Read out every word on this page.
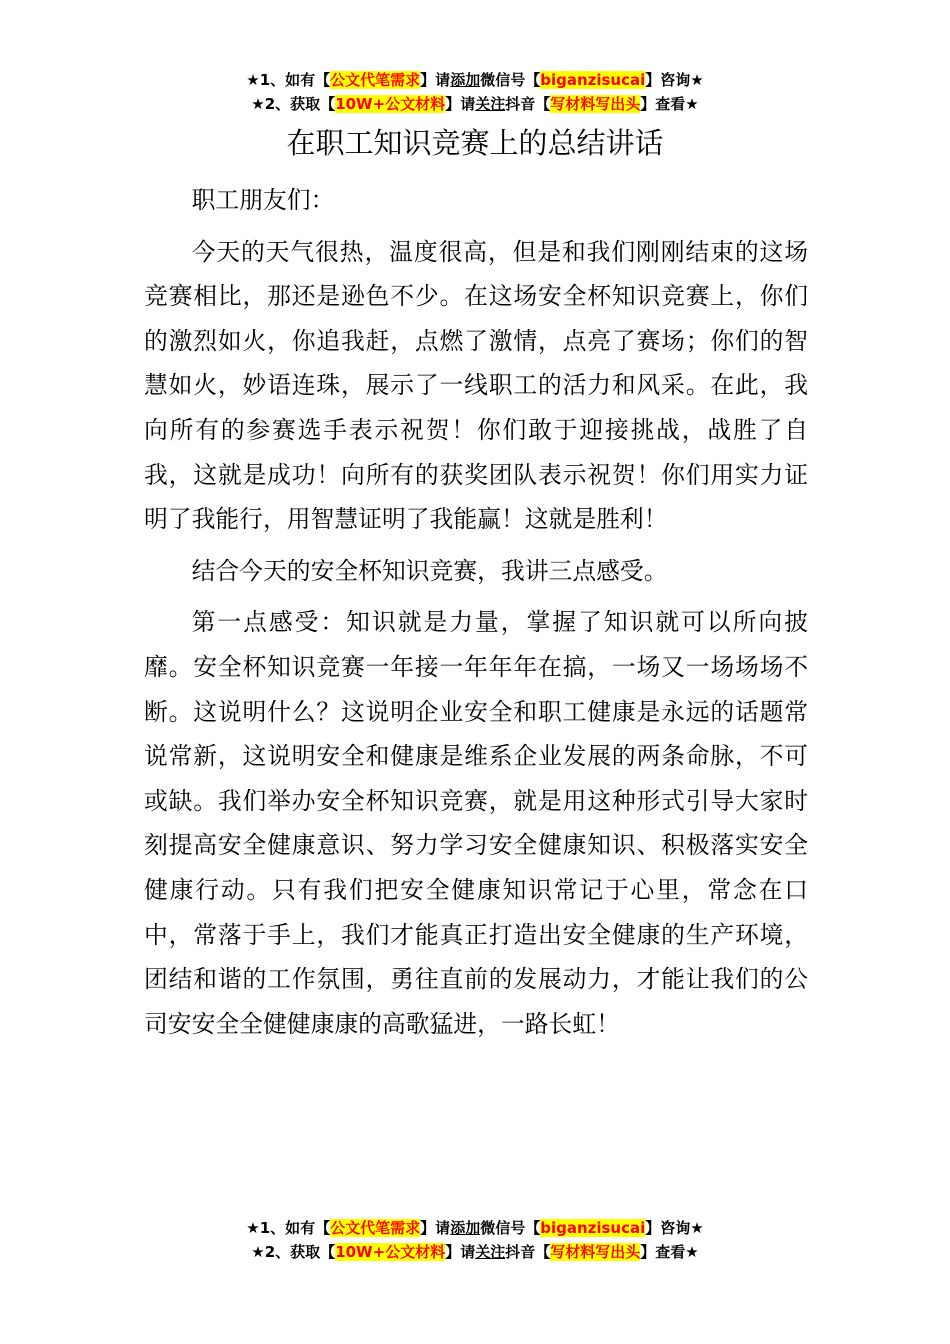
★1、如有【公文代笔需求】请添加微信号【biganzisucai】咨询★
★2、获取【10W+公文材料】请关注抖音【写材料写出头】查看★
在职工知识竞赛上的总结讲话

职工朋友们：

今天的天气很热，温度很高，但是和我们刚刚结束的这场竞赛相比，那还是逊色不少。在这场安全杯知识竞赛上，你们的激烈如火，你追我赶，点燃了激情，点亮了赛场；你们的智慧如火，妙语连珠，展示了一线职工的活力和风采。在此，我向所有的参赛选手表示祝贺！你们敢于迎接挑战，战胜了自我，这就是成功！向所有的获奖团队表示祝贺！你们用实力证明了我能行，用智慧证明了我能赢！这就是胜利！

结合今天的安全杯知识竞赛，我讲三点感受。

第一点感受：知识就是力量，掌握了知识就可以所向披靡。安全杯知识竞赛一年接一年年年在搞，一场又一场场场不断。这说明什么？这说明企业安全和职工健康是永远的话题常说常新，这说明安全和健康是维系企业发展的两条命脉，不可或缺。我们举办安全杯知识竞赛，就是用这种形式引导大家时刻提高安全健康意识、努力学习安全健康知识、积极落实安全健康行动。只有我们把安全健康知识常记于心里，常念在口中，常落于手上，我们才能真正打造出安全健康的生产环境，团结和谐的工作氛围，勇往直前的发展动力，才能让我们的公司安安全全健健康康的高歌猛进，一路长虹！

★1、如有【公文代笔需求】请添加微信号【biganzisucai】咨询★
★2、获取【10W+公文材料】请关注抖音【写材料写出头】查看★
